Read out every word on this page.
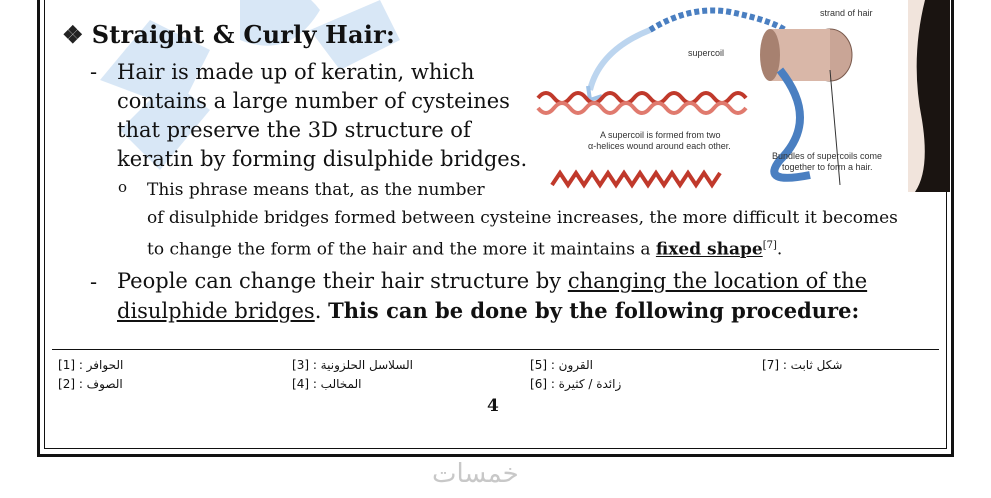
❖ Straight & Curly Hair:
- Hair is made up of keratin, which
contains a large number of cysteines
that preserve the 3D structure of
keratin by forming disulphide bridges.
o This phrase means that, as the number
of disulphide bridges formed between cysteine increases, the more difficult it becomes
to change the form of the hair and the more it maintains a fixed shape[7].
- People can change their hair structure by changing the location of the
disulphide bridges. This can be done by the following procedure:
strand of hair
supercoil
A supercoil is formed from two
α-helices wound around each other.
Bundles of supercoils come
together to form a hair.
الحوافر : [1]
الصوف : [2]
السلاسل الحلزونية : [3]
المخالب : [4]
القرون : [5]
زائدة / كثيرة : [6]
شكل ثابت : [7]
4
خمسات
